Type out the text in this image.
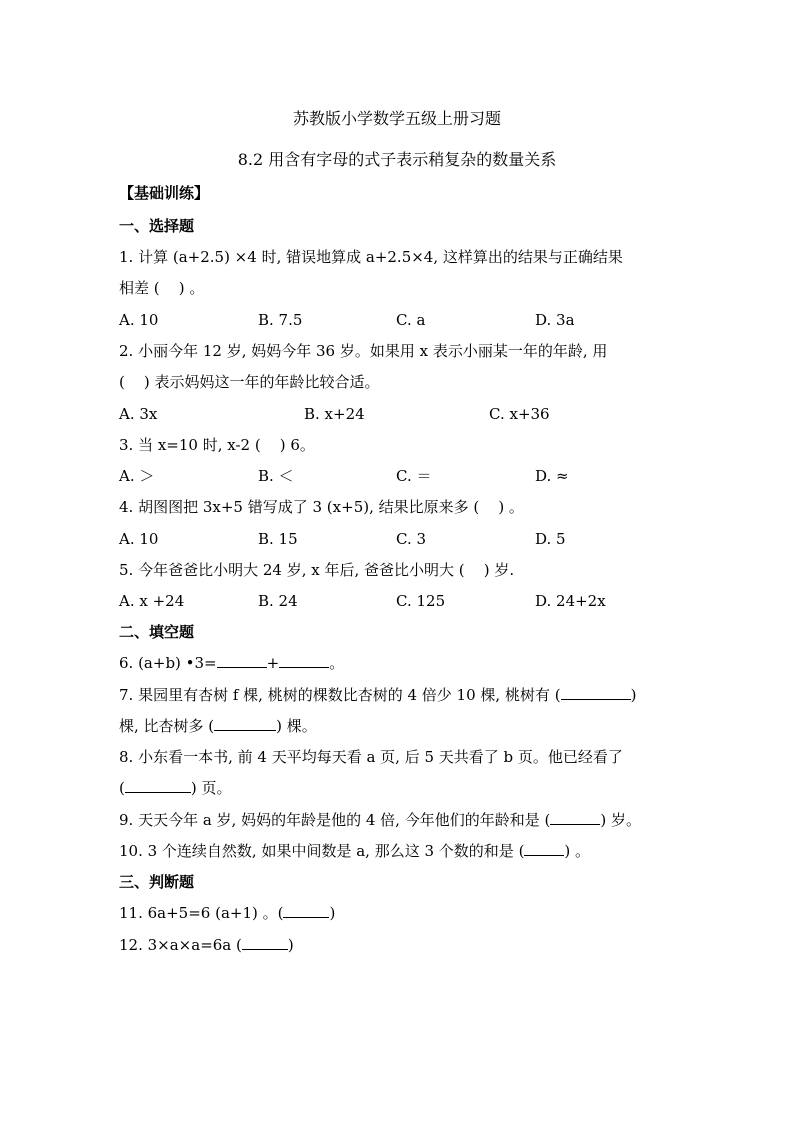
苏教版小学数学五级上册习题
8.2 用含有字母的式子表示稍复杂的数量关系
【基础训练】
一、选择题
1. 计算 (a+2.5) ×4 时, 错误地算成 a+2.5×4, 这样算出的结果与正确结果
相差 (    ) 。
A. 10	B. 7.5	C. a	D. 3a
2. 小丽今年 12 岁, 妈妈今年 36 岁。如果用 x 表示小丽某一年的年龄, 用
(    ) 表示妈妈这一年的年龄比较合适。
A. 3x	B. x+24	C. x+36
3. 当 x=10 时, x-2 (    ) 6。
A. ＞	B. ＜	C. ＝	D. ≈
4. 胡图图把 3x+5 错写成了 3 (x+5), 结果比原来多 (    ) 。
A. 10	B. 15	C. 3	D. 5
5. 今年爸爸比小明大 24 岁, x 年后, 爸爸比小明大 (    ) 岁.
A. x +24	B. 24	C. 125	D. 24+2x
二、填空题
6. (a+b) •3=	+	。
7. 果园里有杏树 f 棵, 桃树的棵数比杏树的 4 倍少 10 棵, 桃树有 (	)
棵, 比杏树多 (	) 棵。
8. 小东看一本书, 前 4 天平均每天看 a 页, 后 5 天共看了 b 页。他已经看了
(	) 页。
9. 天天今年 a 岁, 妈妈的年龄是他的 4 倍, 今年他们的年龄和是 (	) 岁。
10. 3 个连续自然数, 如果中间数是 a, 那么这 3 个数的和是 (	) 。
三、判断题
11. 6a+5=6 (a+1) 。(	)
12. 3×a×a=6a (	)
